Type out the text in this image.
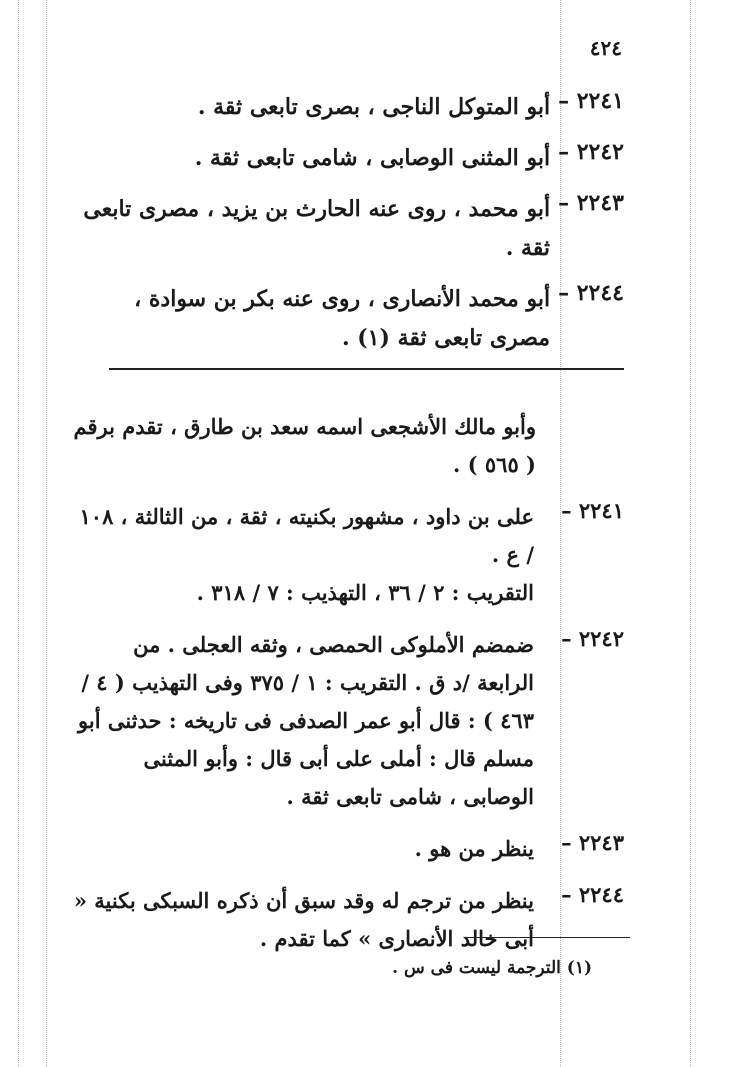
٤٢٤
٢٢٤١ –
أبو المتوكل الناجى ، بصرى تابعى ثقة .
٢٢٤٢ –
أبو المثنى الوصابى ، شامى تابعى ثقة .
٢٢٤٣ –
أبو محمد ، روى عنه الحارث بن يزيد ، مصرى تابعى ثقة .
٢٢٤٤ –
أبو محمد الأنصارى ، روى عنه بكر بن سوادة ، مصرى تابعى ثقة (١) .
وأبو مالك الأشجعى اسمه سعد بن طارق ، تقدم برقم ( ٥٦٥ ) .
٢٢٤١ –

على بن داود ، مشهور بكنيته ، ثقة ، من الثالثة ، ١٠٨ / ع .

التقريب : ٢ / ٣٦ ، التهذيب : ٧ / ٣١٨ .

٢٢٤٢ –

ضمضم الأملوكى الحمصى ، وثقه العجلى . من الرابعة /د ق . التقريب : ١ / ٣٧٥ وفى التهذيب ( ٤ / ٤٦٣ ) : قال أبو عمر الصدفى فى تاريخه : حدثنى أبو مسلم قال : أملى على أبى قال : وأبو المثنى الوصابى ، شامى تابعى ثقة .

٢٢٤٣ –

ينظر من هو .

٢٢٤٤ –

ينظر من ترجم له وقد سبق أن ذكره السبكى بكنية « أبى خالد الأنصارى » كما تقدم .

(١) الترجمة ليست فى س .
